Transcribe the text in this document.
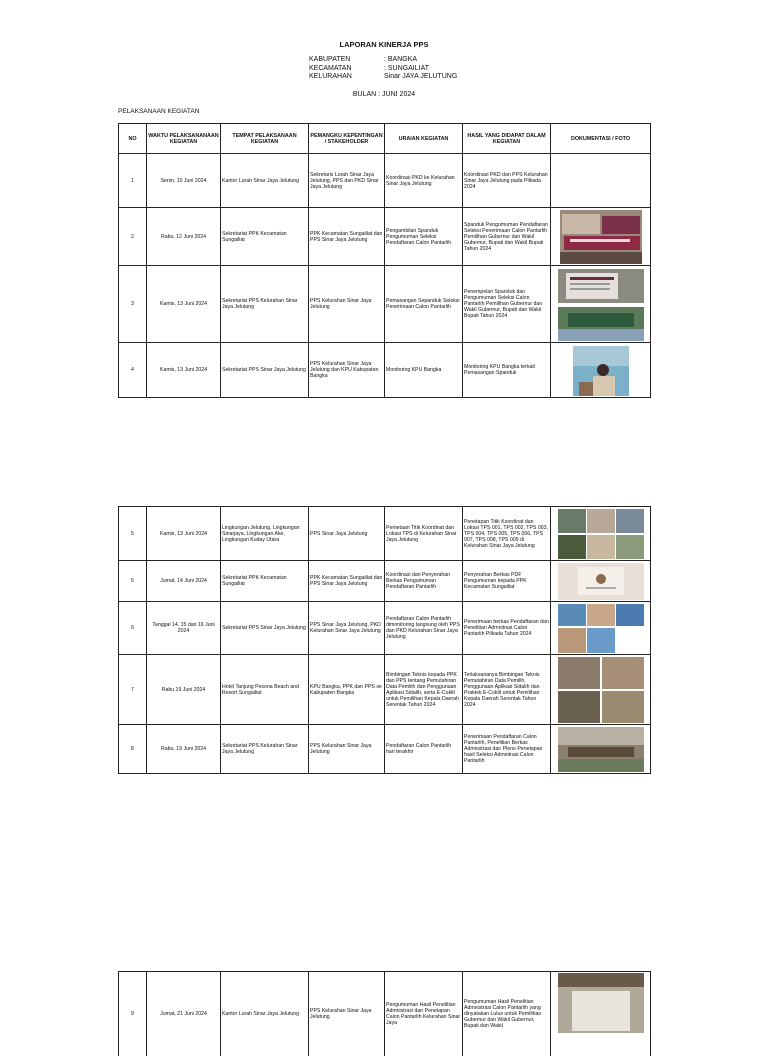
LAPORAN KINERJA PPS
KABUPATEN	: BANGKA
KECAMATAN	: SUNGAILIAT
KELURAHAN	Sinar JAYA JELUTUNG
BULAN : JUNI 2024
PELAKSANAAN KEGIATAN
NO	WAKTU PELAKSANANAAN KEGIATAN	TEMPAT PELAKSANAAN KEGIATAN	PEMANGKU KEPENTINGAN / STAKEHOLDER	URAIAN KEGIATAN	HASIL YANG DIDAPAT DALAM KEGIATAN	DOKUMENTASI / FOTO
1	Senin, 10 Juni 2024	Kantor Lurah Sinar Jaya Jelutung	Sekretaris Lurah Sinar Jaya Jelutung, PPS dan PKD Sinar Jaya Jelutung	Koordinasi PKD ke Kelurahan Sinar Jaya Jelutung	Koordinasi PKD dan PPS Kelurahan Sinar Jaya Jelutung pada Pilkada 2024	
2	Rabu, 12 Juni 2024	Sekretariat PPK Kecamatan Sungailiat	PPK Kecamatan Sungailiat dan PPS Sinar Jaya Jelutung	Pengambilan Spanduk Pengumuman Seleksi Pendaftaran Calon Pantarlih	Spanduk Pengumuman Pendaftaran Seleksi Penerimaan Calon Pantarlih Pemilihan Gubernur dan Wakil Gubernur, Bupati dan Wakil Bupati Tahun 2024	

3	Kamis, 13 Juni 2024	Sekretariat PPS Kelurahan Sinar Jaya Jelutung	PPS Kelurahan Sinar Jaya Jelutung	Pemasangan Sepanduk Seleksi Penerimaan Calon Pantarlih	Penempelan Spanduk dan Pengumuman Seleksi Calon Pantarlih Pemilihan Gubernur dan Wakil Gubernur, Bupati dan Wakil Bupati Tahun 2024	

4	Kamis, 13 Juni 2024	Sekretariat PPS Sinar Jaya Jelutung	PPS Kelurahan Sinar Jaya Jelutung dan KPU Kabupaten Bangka	Monitoring KPU Bangka	Monitoring KPU Bangka terkait Pemasangan Spanduk	
5	Kamis, 13 Juni 2024	Lingkungan Jelutung, Lingkungan Sinarjaya, Lingkungan Ake, Lingkungan Kuday Utara	PPS Sinar Jaya Jelutung	Pemetaan Titik Koordinat dan Lokasi TPS di Kelurahan Sinar Jaya Jelutung	Penetapan Titik Koordinat dan Lokasi TPS 001, TPS 002, TPS 003, TPS 004, TPS 005, TPS 006, TPS 007, TPS 008, TPS 009 di Kelurahan Sinar Jaya Jelutung	

5	Jumat, 14 Juni 2024	Sekretariat PPK Kecamatan Sungailiat	PPK Kecamatan Sungailiat dan PPS Sinar Jaya Jelutung	Koordinasi dan Penyerahan Berkas Pengumuman Pendaftaran Pantarlih	Penyerahan Berkas PDF Pengumuman kepada PPK Kecamatan Sungailiat	

6	Tanggal 14, 15 dan 16 Juni 2024	Sekretariat PPS Sinar Jaya Jelutung	PPS Sinar Jaya Jelutung, PKD Kelurahan Sinar Jaya Jelutung	Pendaftaran Calon Pantarlih dimonitoring langsung oleh PPS dan PKD Kelurahan Sinar Jaya Jelutung	Penerimaan berkas Pendaftaran dan Penelitian Admnitrasi Calon Pantarlih Pilkada Tahun 2024	

7	Rabu 19 Juni 2024	Hotel Tanjung Pesona Beach and Resort Sungailiat	KPU Bangka, PPK dan PPS se Kabupaten Bangka	Bimbingan Teknis kepada PPK dan PPS tentang Pemutahiran Data Pemilih dan Penggunaan Aplikasi Sidalih, serta E-Coklit untuk Pemilihan Kepala Daerah Serentak Tahun 2024	Terlaksananya Bimbingan Teknis Pemutahiran Data Pemilih, Penggunaan Aplikasi Sidalih dan Praktek E-Coklit untuk Pemilihan Kepala Daerah Serentak Tahun 2024	

8	Rabu, 19 Juni 2024	Sekretariat PPS Kelurahan Sinar Jaya Jelutung	PPS Kelurahan Sinar Jaya Jelutung	Pendaftaran Calon Pantarlih hari terakhir	Penerimaan Pendaftaran Calon Pantarlih, Penelitian Berkas Admnistrasi dan Pleno Penetapan hasil Seleksi Admnitrasi Calon Pantarlih	
9	Jumat, 21 Juni 2024	Kantor Lurah Sinar Jaya Jelutung	PPS Kelurahan Sinar Jaya Jelutung	Pengumuman Hasil Penelitian Admnistrasi dan Penetapan Calon Pantarlih Kelurahan Sinar Jaya	Pengumuman Hasil Penelitian Admnistrasi Calon Pantarlih yang dinyatakan Lulus untuk Pemilihan Gubernur dan Wakil Gubernur, Bupati dan Wakil	
